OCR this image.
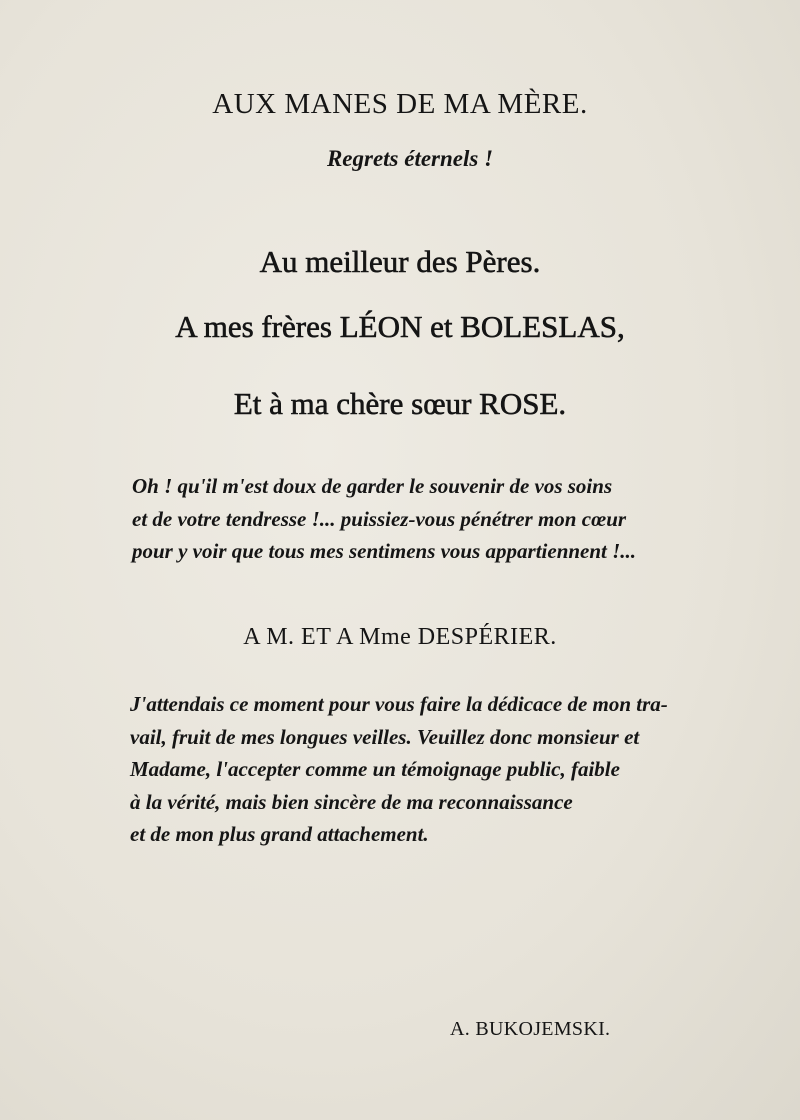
AUX MANES DE MA MÈRE.
Regrets éternels !
Au meilleur des Pères.
A mes frères LÉON et BOLESLAS,
Et à ma chère sœur ROSE.
Oh ! qu'il m'est doux de garder le souvenir de vos soins
et de votre tendresse !... puissiez-vous pénétrer mon cœur
pour y voir que tous mes sentimens vous appartiennent !...
A M. ET A Mme DESPÉRIER.
J'attendais ce moment pour vous faire la dédicace de mon tra-
vail, fruit de mes longues veilles. Veuillez donc monsieur et
Madame, l'accepter comme un témoignage public, faible
à la vérité, mais bien sincère de ma reconnaissance
et de mon plus grand attachement.
A. BUKOJEMSKI.
